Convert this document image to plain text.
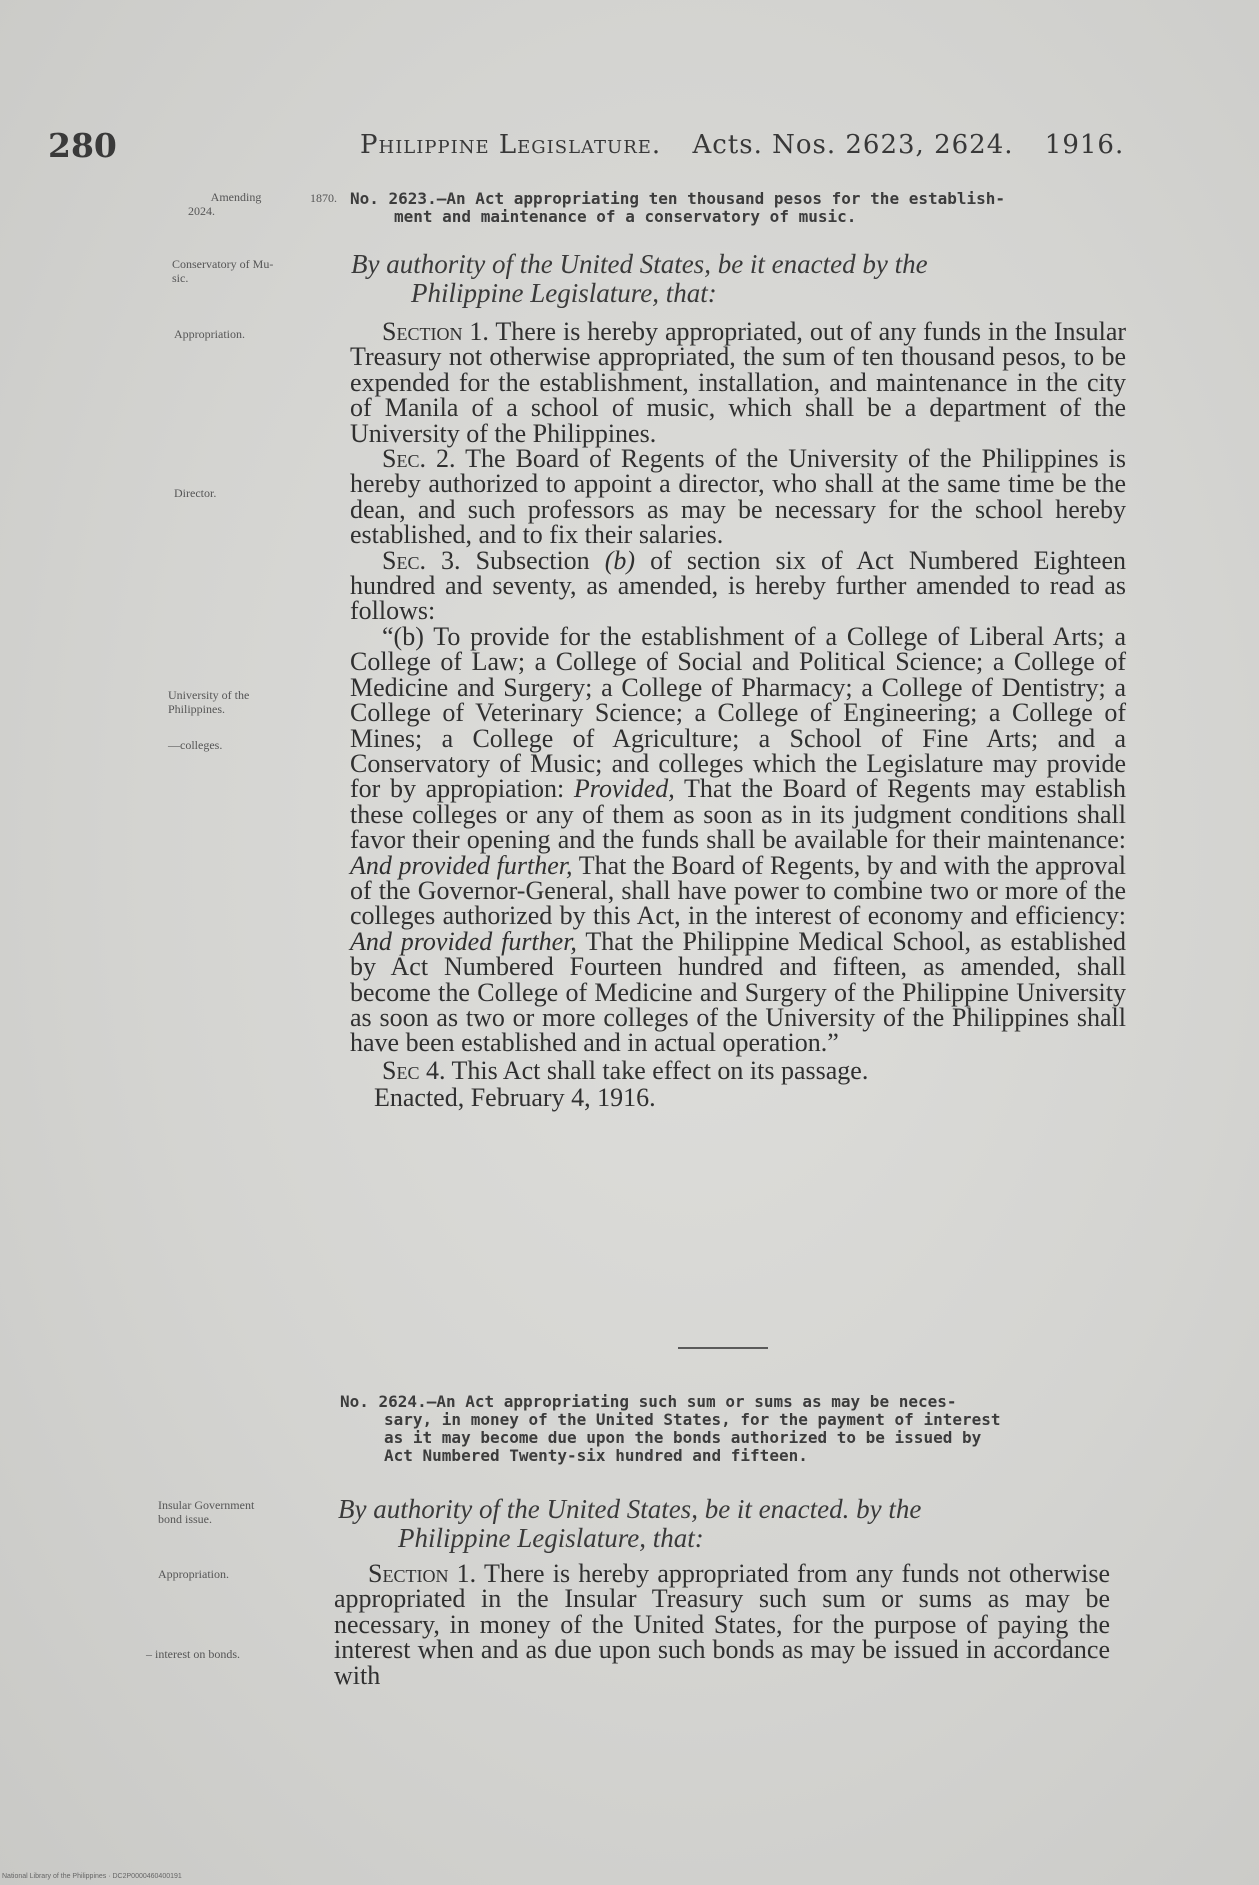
280	Philippine Legislature. Acts. Nos. 2623, 2624. 1916.
Amending
2024.
1870. No. 2623.—An Act appropriating ten thousand pesos for the establish-
ment and maintenance of a conservatory of music.
Conservatory of Mu-
sic.	By authority of the United States, be it enacted by the
Philippine Legislature, that:
Appropriation.
Director.
University of the
Philippines.
—colleges.

Section 1. There is hereby appropriated, out of any funds in the Insular Treasury not otherwise appropriated, the sum of ten thousand pesos, to be expended for the establishment, installation, and maintenance in the city of Manila of a school of music, which shall be a department of the University of the Philippines.

Sec. 2. The Board of Regents of the University of the Philippines is hereby authorized to appoint a director, who shall at the same time be the dean, and such professors as may be necessary for the school hereby established, and to fix their salaries.

Sec. 3. Subsection (b) of section six of Act Numbered Eighteen hundred and seventy, as amended, is hereby further amended to read as follows:

“(b) To provide for the establishment of a College of Liberal Arts; a College of Law; a College of Social and Political Science; a College of Medicine and Surgery; a College of Pharmacy; a College of Dentistry; a College of Veterinary Science; a College of Engineering; a College of Mines; a College of Agriculture; a School of Fine Arts; and a Conservatory of Music; and colleges which the Legislature may provide for by appropiation: Provided, That the Board of Regents may establish these colleges or any of them as soon as in its judgment conditions shall favor their opening and the funds shall be available for their maintenance: And provided further, That the Board of Regents, by and with the approval of the Governor-General, shall have power to combine two or more of the colleges authorized by this Act, in the interest of economy and efficiency: And provided further, That the Philippine Medical School, as established by Act Numbered Fourteen hundred and fifteen, as amended, shall become the College of Medicine and Surgery of the Philippine University as soon as two or more colleges of the University of the Philippines shall have been established and in actual operation.”

Sec 4. This Act shall take effect on its passage.

Enacted, February 4, 1916.

No. 2624.—An Act appropriating such sum or sums as may be neces-
sary, in money of the United States, for the payment of interest
as it may become due upon the bonds authorized to be issued by
Act Numbered Twenty-six hundred and fifteen.
Insular Government
bond issue.	By authority of the United States, be it enacted. by the
Philippine Legislature, that:
Appropriation.
– interest on bonds.

Section 1. There is hereby appropriated from any funds not otherwise appropriated in the Insular Treasury such sum or sums as may be necessary, in money of the United States, for the purpose of paying the interest when and as due upon such bonds as may be issued in accordance with

National Library of the Philippines · DC2P0000460400191
